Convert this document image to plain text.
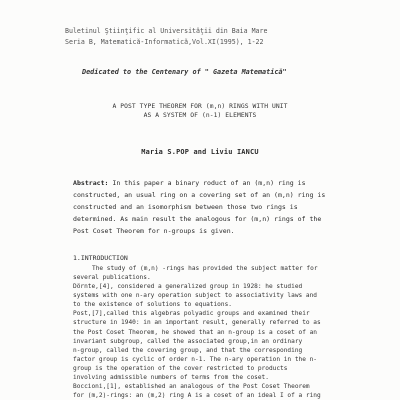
Buletinul Ştiinţific al Universităţii din Baia Mare
Seria B, Matematică-Informatică,Vol.XI(1995), 1-22
Dedicated to the Centenary of " Gazeta Matematică"
A POST TYPE THEOREM FOR (m,n) RINGS WITH UNIT
AS A SYSTEM OF (n-1) ELEMENTS
Maria S.POP and Liviu IANCU
Abstract: In this paper a binary roduct of an (m,n) ring is
constructed, an usual ring on a covering set of an (m,n) ring is
constructed and an isomorphism between those two rings is
determined. As main result the analogous for (m,n) rings of the
Post Coset Theorem for n-groups is given.
1.INTRODUCTION
The study of (m,n) -rings has provided the subject matter for
several publications.
Dörnte,[4], considered a generalized group in 1928: he studied
systems with one n-ary operation subject to associativity laws and
to the existence of solutions to equations.
Post,[7],called this algebras polyadic groups and examined their
structure in 1940: in an important result, generally referred to as
the Post Coset Theorem, he showed that an n-group is a coset of an
invariant subgroup, called the associated group,in an ordinary
n-group, called the covering group, and that the corresponding
factor group is cyclic of order n-1. The n-ary operation in the n-
group is the operation of the cover restricted to products
involving admissible numbers of terms from the coset.
Boccioni,[1], established an analogous of the Post Coset Theorem
for (m,2)-rings: an (m,2) ring A is a coset of an ideal I of a ring
